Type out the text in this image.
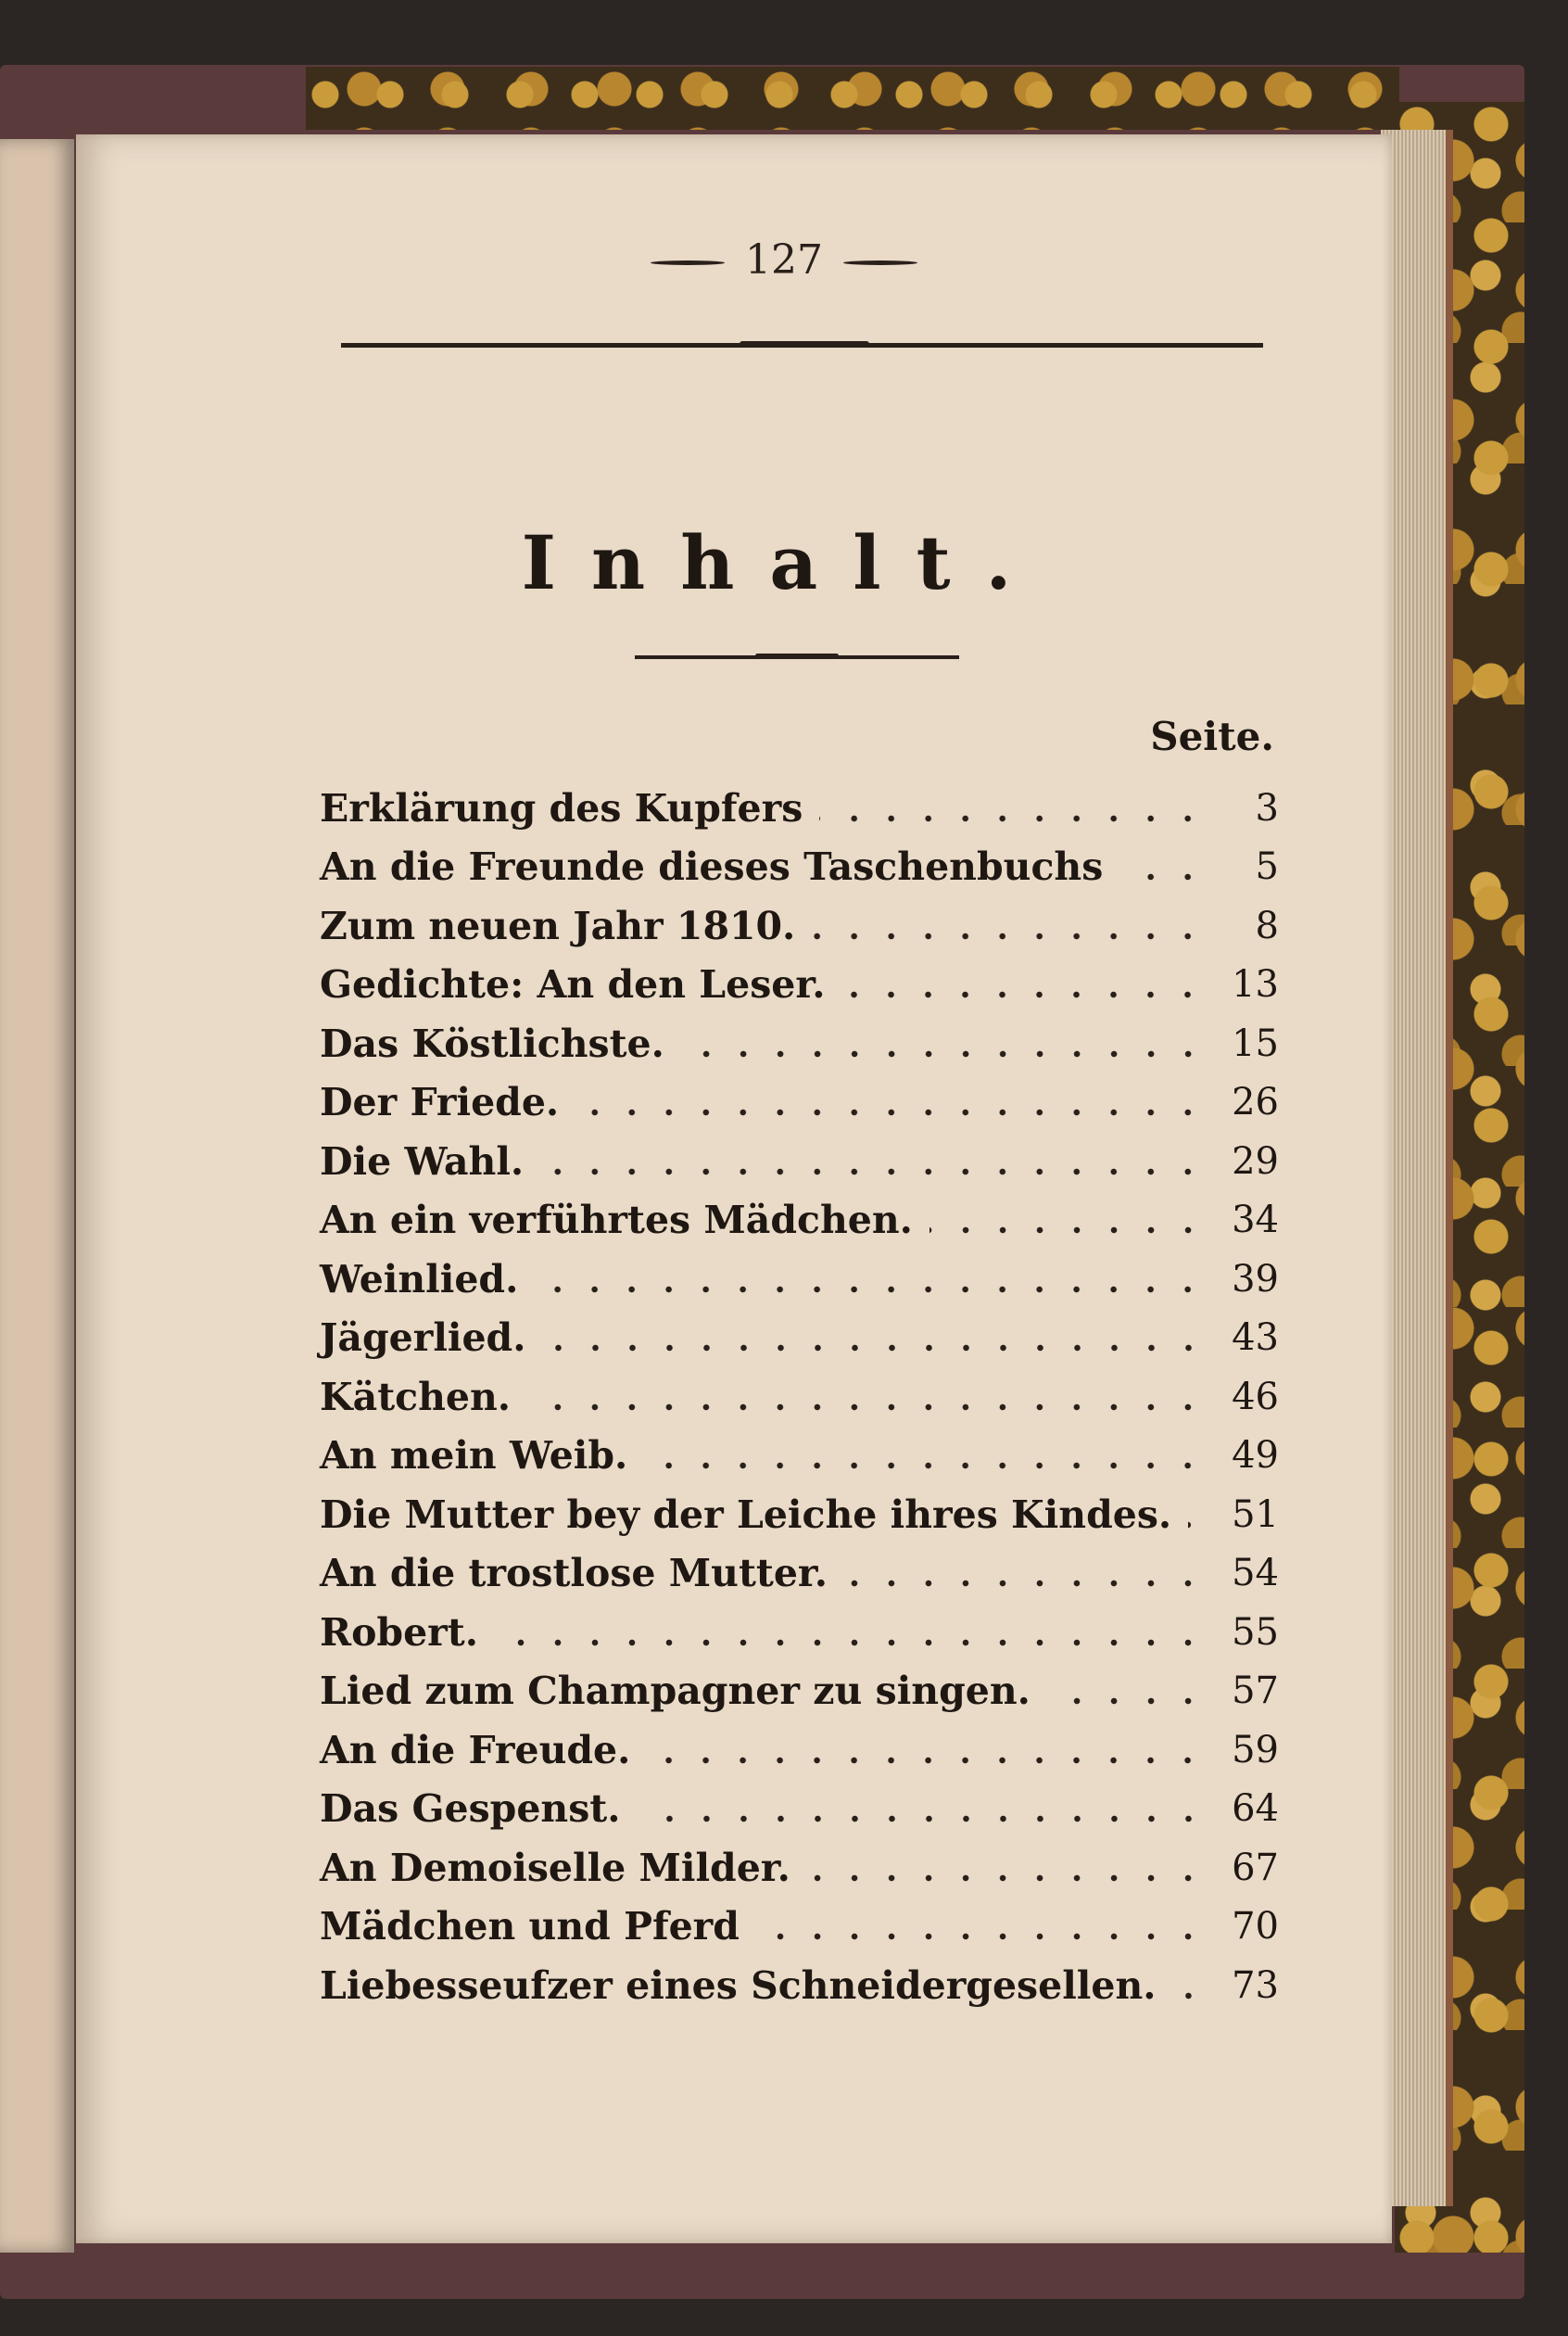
127
Inhalt.
Seite.
Erklärung des Kupfers	3
An die Freunde dieses Taschenbuchs	5
Zum neuen Jahr 1810.	8
Gedichte: An den Leser.	13
Das Köstlichste.	15
Der Friede.	26
Die Wahl.	29
An ein verführtes Mädchen.	34
Weinlied.	39
Jägerlied.	43
Kätchen.	46
An mein Weib.	49
Die Mutter bey der Leiche ihres Kindes. 51
An die trostlose Mutter.	54
Robert.	55
Lied zum Champagner zu singen.	57
An die Freude.	59
Das Gespenst.	64
An Demoiselle Milder.	67
Mädchen und Pferd	70
Liebesseufzer eines Schneidergesellen. 73
